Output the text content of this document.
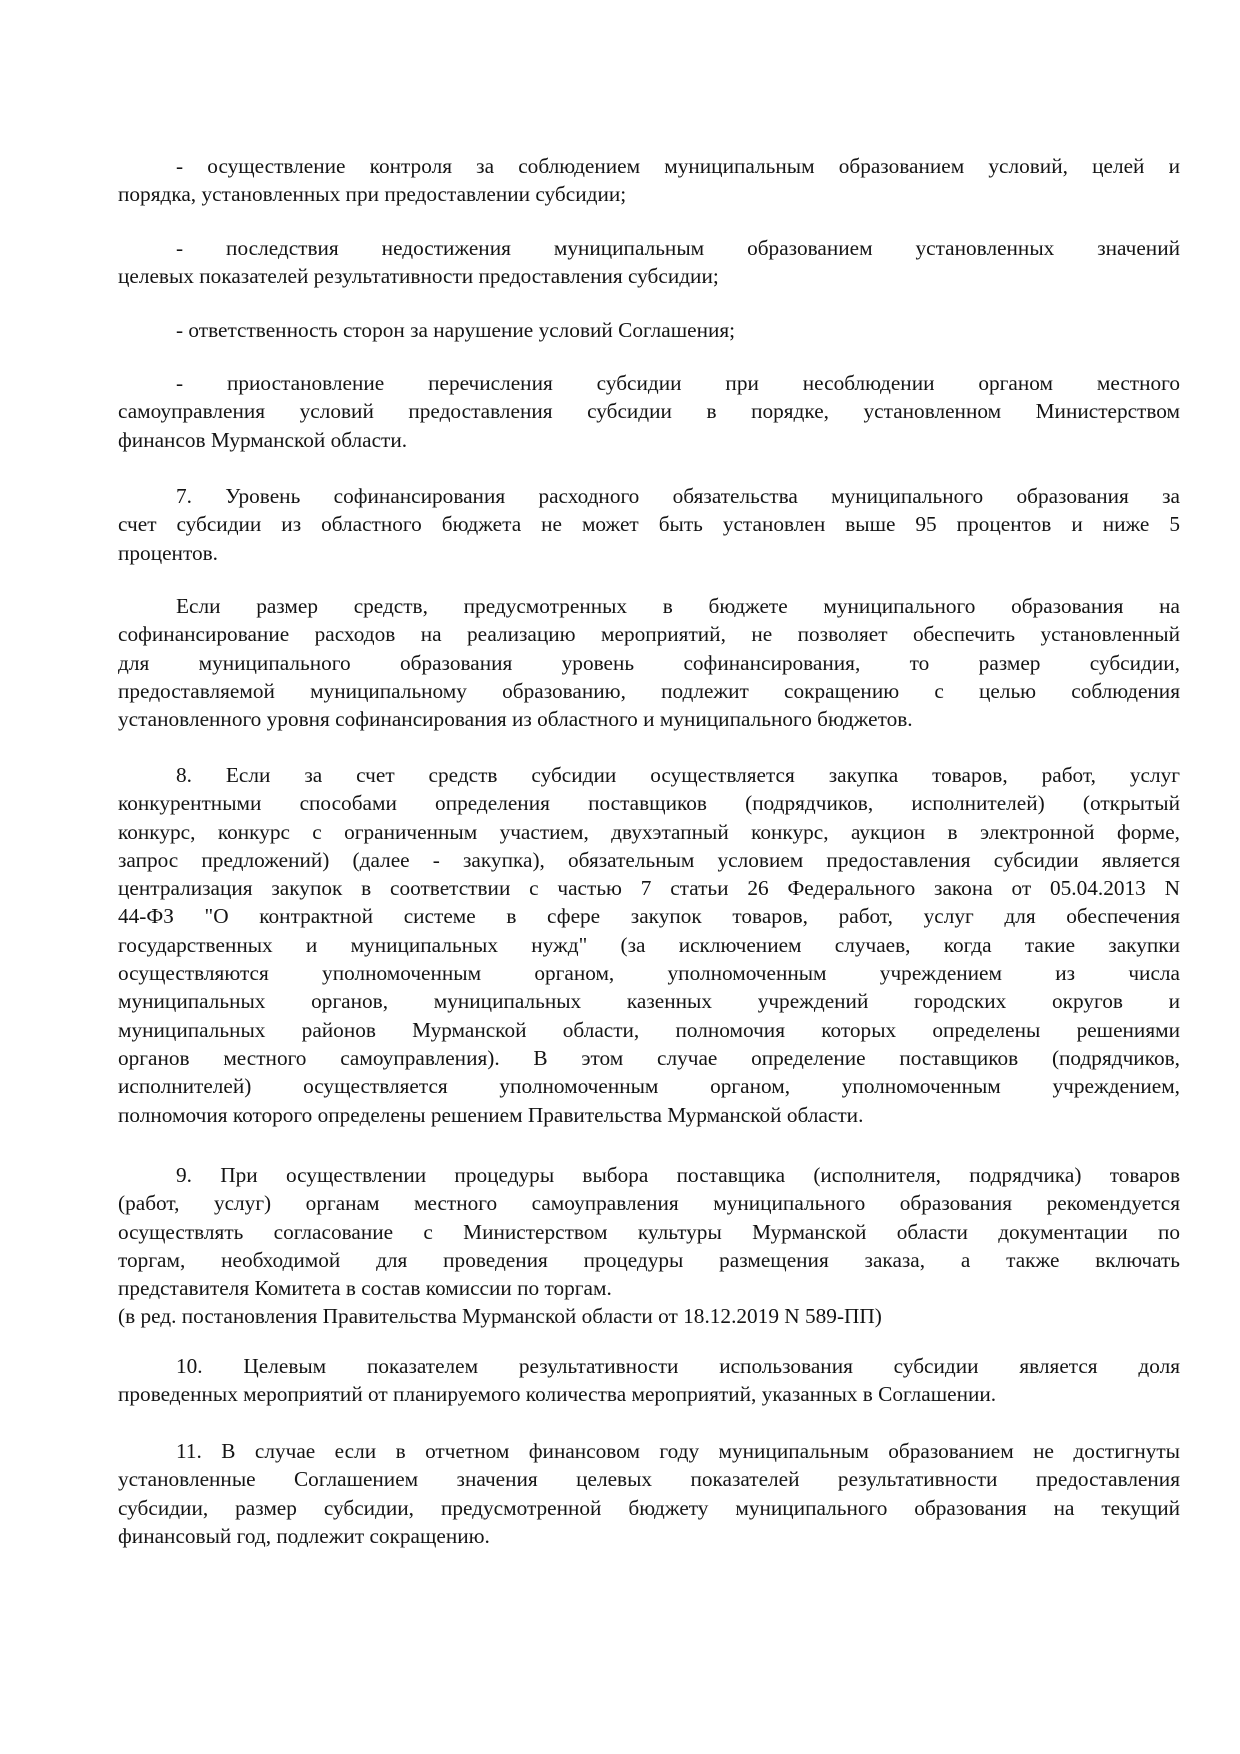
- осуществление контроля за соблюдением муниципальным образованием условий, целей и
порядка, установленных при предоставлении субсидии;
- последствия недостижения муниципальным образованием установленных значений
целевых показателей результативности предоставления субсидии;
- ответственность сторон за нарушение условий Соглашения;
- приостановление перечисления субсидии при несоблюдении органом местного
самоуправления условий предоставления субсидии в порядке, установленном Министерством
финансов Мурманской области.
7. Уровень софинансирования расходного обязательства муниципального образования за
счет субсидии из областного бюджета не может быть установлен выше 95 процентов и ниже 5
процентов.
Если размер средств, предусмотренных в бюджете муниципального образования на
софинансирование расходов на реализацию мероприятий, не позволяет обеспечить установленный
для муниципального образования уровень софинансирования, то размер субсидии,
предоставляемой муниципальному образованию, подлежит сокращению с целью соблюдения
установленного уровня софинансирования из областного и муниципального бюджетов.
8. Если за счет средств субсидии осуществляется закупка товаров, работ, услуг
конкурентными способами определения поставщиков (подрядчиков, исполнителей) (открытый
конкурс, конкурс с ограниченным участием, двухэтапный конкурс, аукцион в электронной форме,
запрос предложений) (далее - закупка), обязательным условием предоставления субсидии является
централизация закупок в соответствии с частью 7 статьи 26 Федерального закона от 05.04.2013 N
44-ФЗ "О контрактной системе в сфере закупок товаров, работ, услуг для обеспечения
государственных и муниципальных нужд" (за исключением случаев, когда такие закупки
осуществляются уполномоченным органом, уполномоченным учреждением из числа
муниципальных органов, муниципальных казенных учреждений городских округов и
муниципальных районов Мурманской области, полномочия которых определены решениями
органов местного самоуправления). В этом случае определение поставщиков (подрядчиков,
исполнителей) осуществляется уполномоченным органом, уполномоченным учреждением,
полномочия которого определены решением Правительства Мурманской области.
9. При осуществлении процедуры выбора поставщика (исполнителя, подрядчика) товаров
(работ, услуг) органам местного самоуправления муниципального образования рекомендуется
осуществлять согласование с Министерством культуры Мурманской области документации по
торгам, необходимой для проведения процедуры размещения заказа, а также включать
представителя Комитета в состав комиссии по торгам.
(в ред. постановления Правительства Мурманской области от 18.12.2019 N 589-ПП)
10. Целевым показателем результативности использования субсидии является доля
проведенных мероприятий от планируемого количества мероприятий, указанных в Соглашении.
11. В случае если в отчетном финансовом году муниципальным образованием не достигнуты
установленные Соглашением значения целевых показателей результативности предоставления
субсидии, размер субсидии, предусмотренной бюджету муниципального образования на текущий
финансовый год, подлежит сокращению.
